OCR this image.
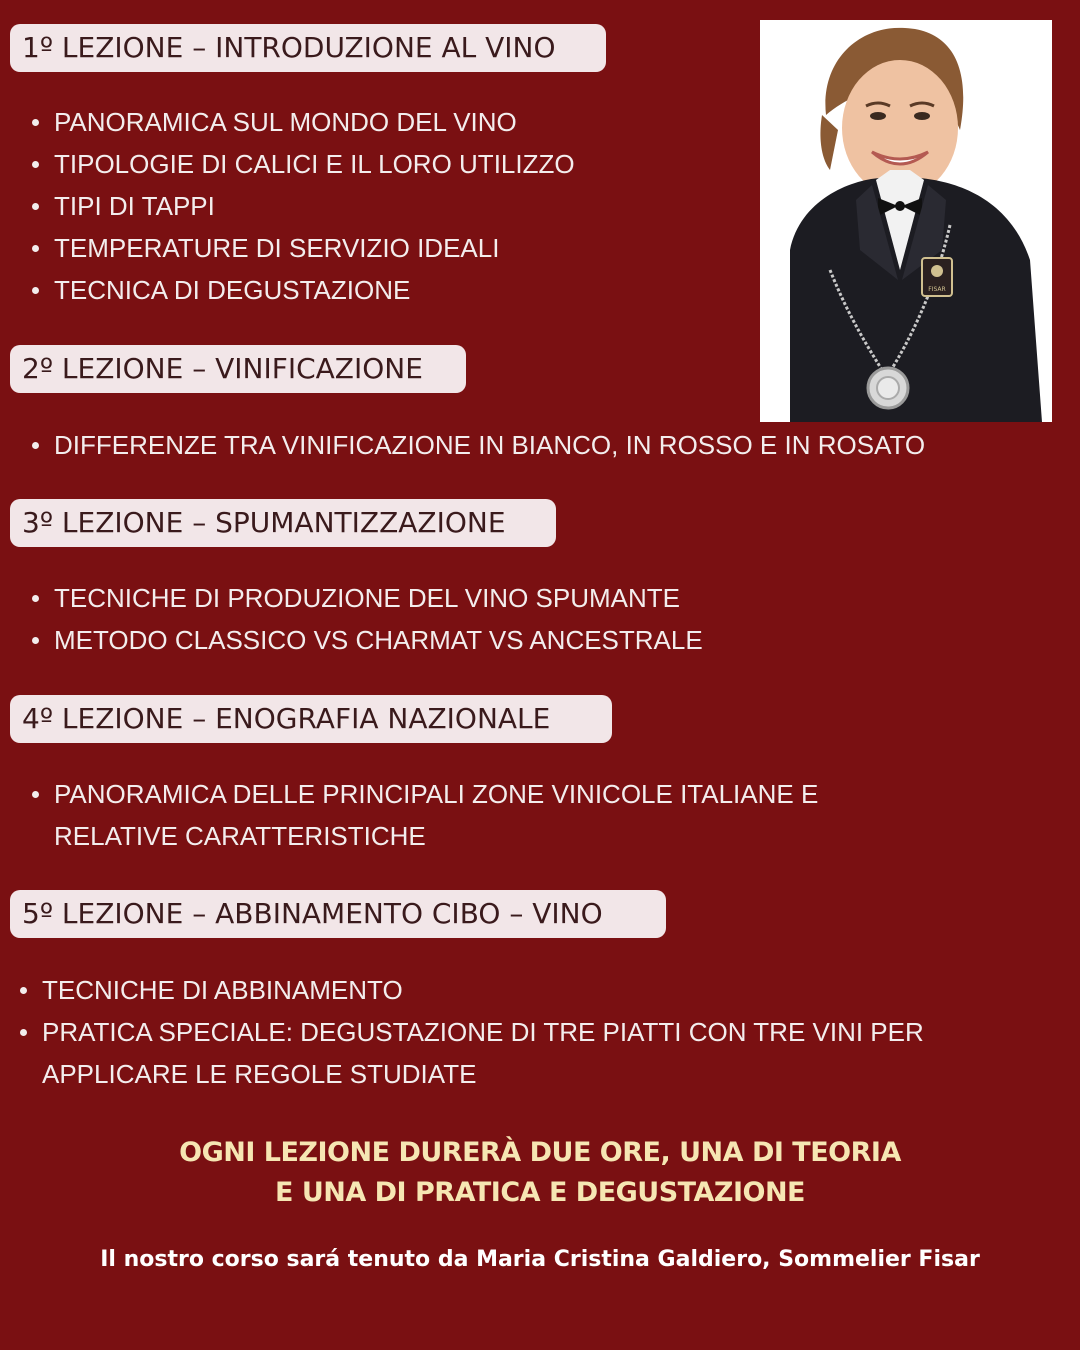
1º LEZIONE – INTRODUZIONE AL VINO
PANORAMICA SUL MONDO DEL VINO
TIPOLOGIE DI CALICI E IL LORO UTILIZZO
TIPI DI TAPPI
TEMPERATURE DI SERVIZIO IDEALI
TECNICA DI DEGUSTAZIONE	FISAR
2º LEZIONE – VINIFICAZIONE
DIFFERENZE TRA VINIFICAZIONE IN BIANCO, IN ROSSO E IN ROSATO
3º LEZIONE – SPUMANTIZZAZIONE
TECNICHE DI PRODUZIONE DEL VINO SPUMANTE
METODO CLASSICO VS CHARMAT VS ANCESTRALE
4º LEZIONE – ENOGRAFIA NAZIONALE
PANORAMICA DELLE PRINCIPALI ZONE VINICOLE ITALIANE E RELATIVE CARATTERISTICHE
5º LEZIONE – ABBINAMENTO CIBO – VINO
TECNICHE DI ABBINAMENTO
PRATICA SPECIALE: DEGUSTAZIONE DI TRE PIATTI CON TRE VINI PER APPLICARE LE REGOLE STUDIATE
OGNI LEZIONE DURERÀ DUE ORE, UNA DI TEORIA
E UNA DI PRATICA E DEGUSTAZIONE
Il nostro corso sará tenuto da Maria Cristina Galdiero, Sommelier Fisar
